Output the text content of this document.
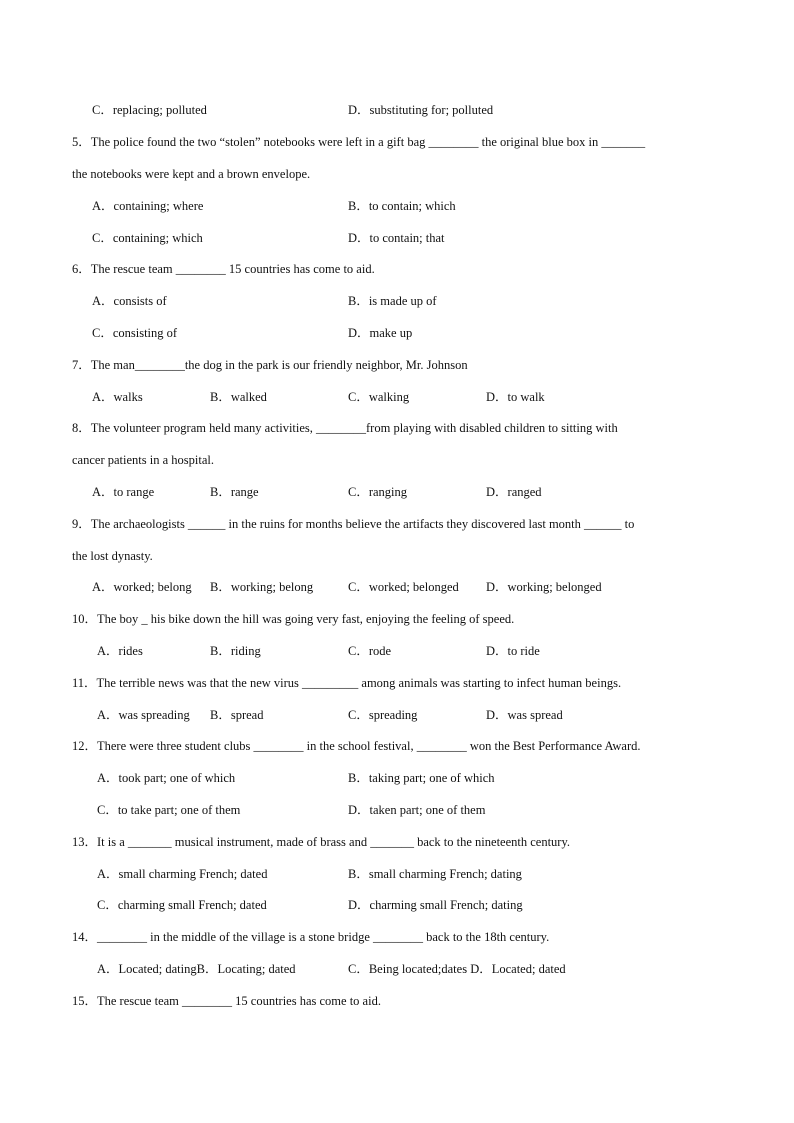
C．replacing; polluted	D．substituting for; polluted
5．The police found the two “stolen” notebooks were left in a gift bag ________ the original blue box in _______
the notebooks were kept and a brown envelope.
A．containing; where	B．to contain; which
C．containing; which	D．to contain; that
6．The rescue team ________ 15 countries has come to aid.
A．consists of	B．is made up of
C．consisting of	D．make up
7．The man________the dog in the park is our friendly neighbor, Mr. Johnson
A．walks	B．walked	C．walking	D．to walk
8．The volunteer program held many activities, ________from playing with disabled children to sitting with
cancer patients in a hospital.
A．to range	B．range	C．ranging	D．ranged
9．The archaeologists ______ in the ruins for months believe the artifacts they discovered last month ______ to
the lost dynasty.
A．worked; belong B．working; belong	C．worked; belonged D．working; belonged
10．The boy _ his bike down the hill was going very fast, enjoying the feeling of speed.
A．rides	B．riding	C．rode	D．to ride
11．The terrible news was that the new virus _________ among animals was starting to infect human beings.
A．was spreading B．spread	C．spreading	D．was spread
12．There were three student clubs ________ in the school festival, ________ won the Best Performance Award.
A．took part; one of which	B．taking part; one of which
C．to take part; one of them	D．taken part; one of them
13．It is a _______ musical instrument, made of brass and _______ back to the nineteenth century.
A．small charming French; dated	B．small charming French; dating
C．charming small French; dated	D．charming small French; dating
14．________ in the middle of the village is a stone bridge ________ back to the 18th century.
A．Located; datingB．Locating; dated	C．Being located;dates D．Located; dated
15．The rescue team ________ 15 countries has come to aid.
